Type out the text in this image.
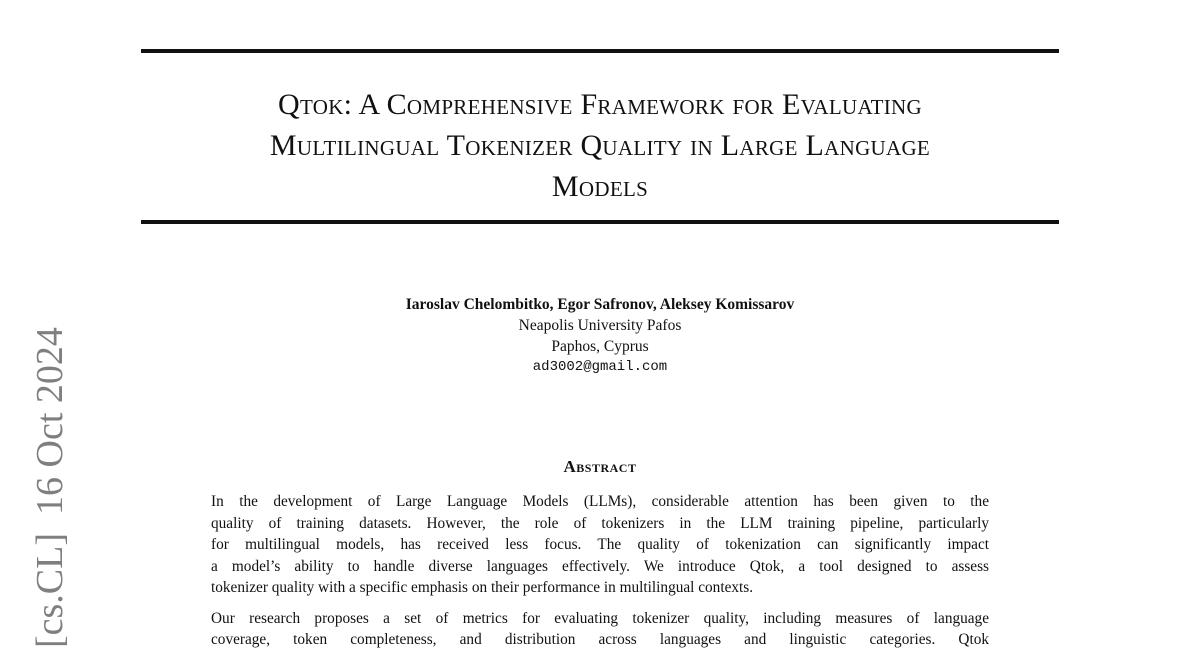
Qtok: A Comprehensive Framework for Evaluating
Multilingual Tokenizer Quality in Large Language
Models
Iaroslav Chelombitko, Egor Safronov, Aleksey Komissarov
Neapolis University Pafos
Paphos, Cyprus
ad3002@gmail.com
Abstract

In the development of Large Language Models (LLMs), considerable attention has been given to the
quality of training datasets. However, the role of tokenizers in the LLM training pipeline, particularly
for multilingual models, has received less focus. The quality of tokenization can significantly impact
a model’s ability to handle diverse languages effectively. We introduce Qtok, a tool designed to assess
tokenizer quality with a specific emphasis on their performance in multilingual contexts.

Our research proposes a set of metrics for evaluating tokenizer quality, including measures of language
coverage, token completeness, and distribution across languages and linguistic categories. Qtok

[cs.CL]16 Oct 2024
